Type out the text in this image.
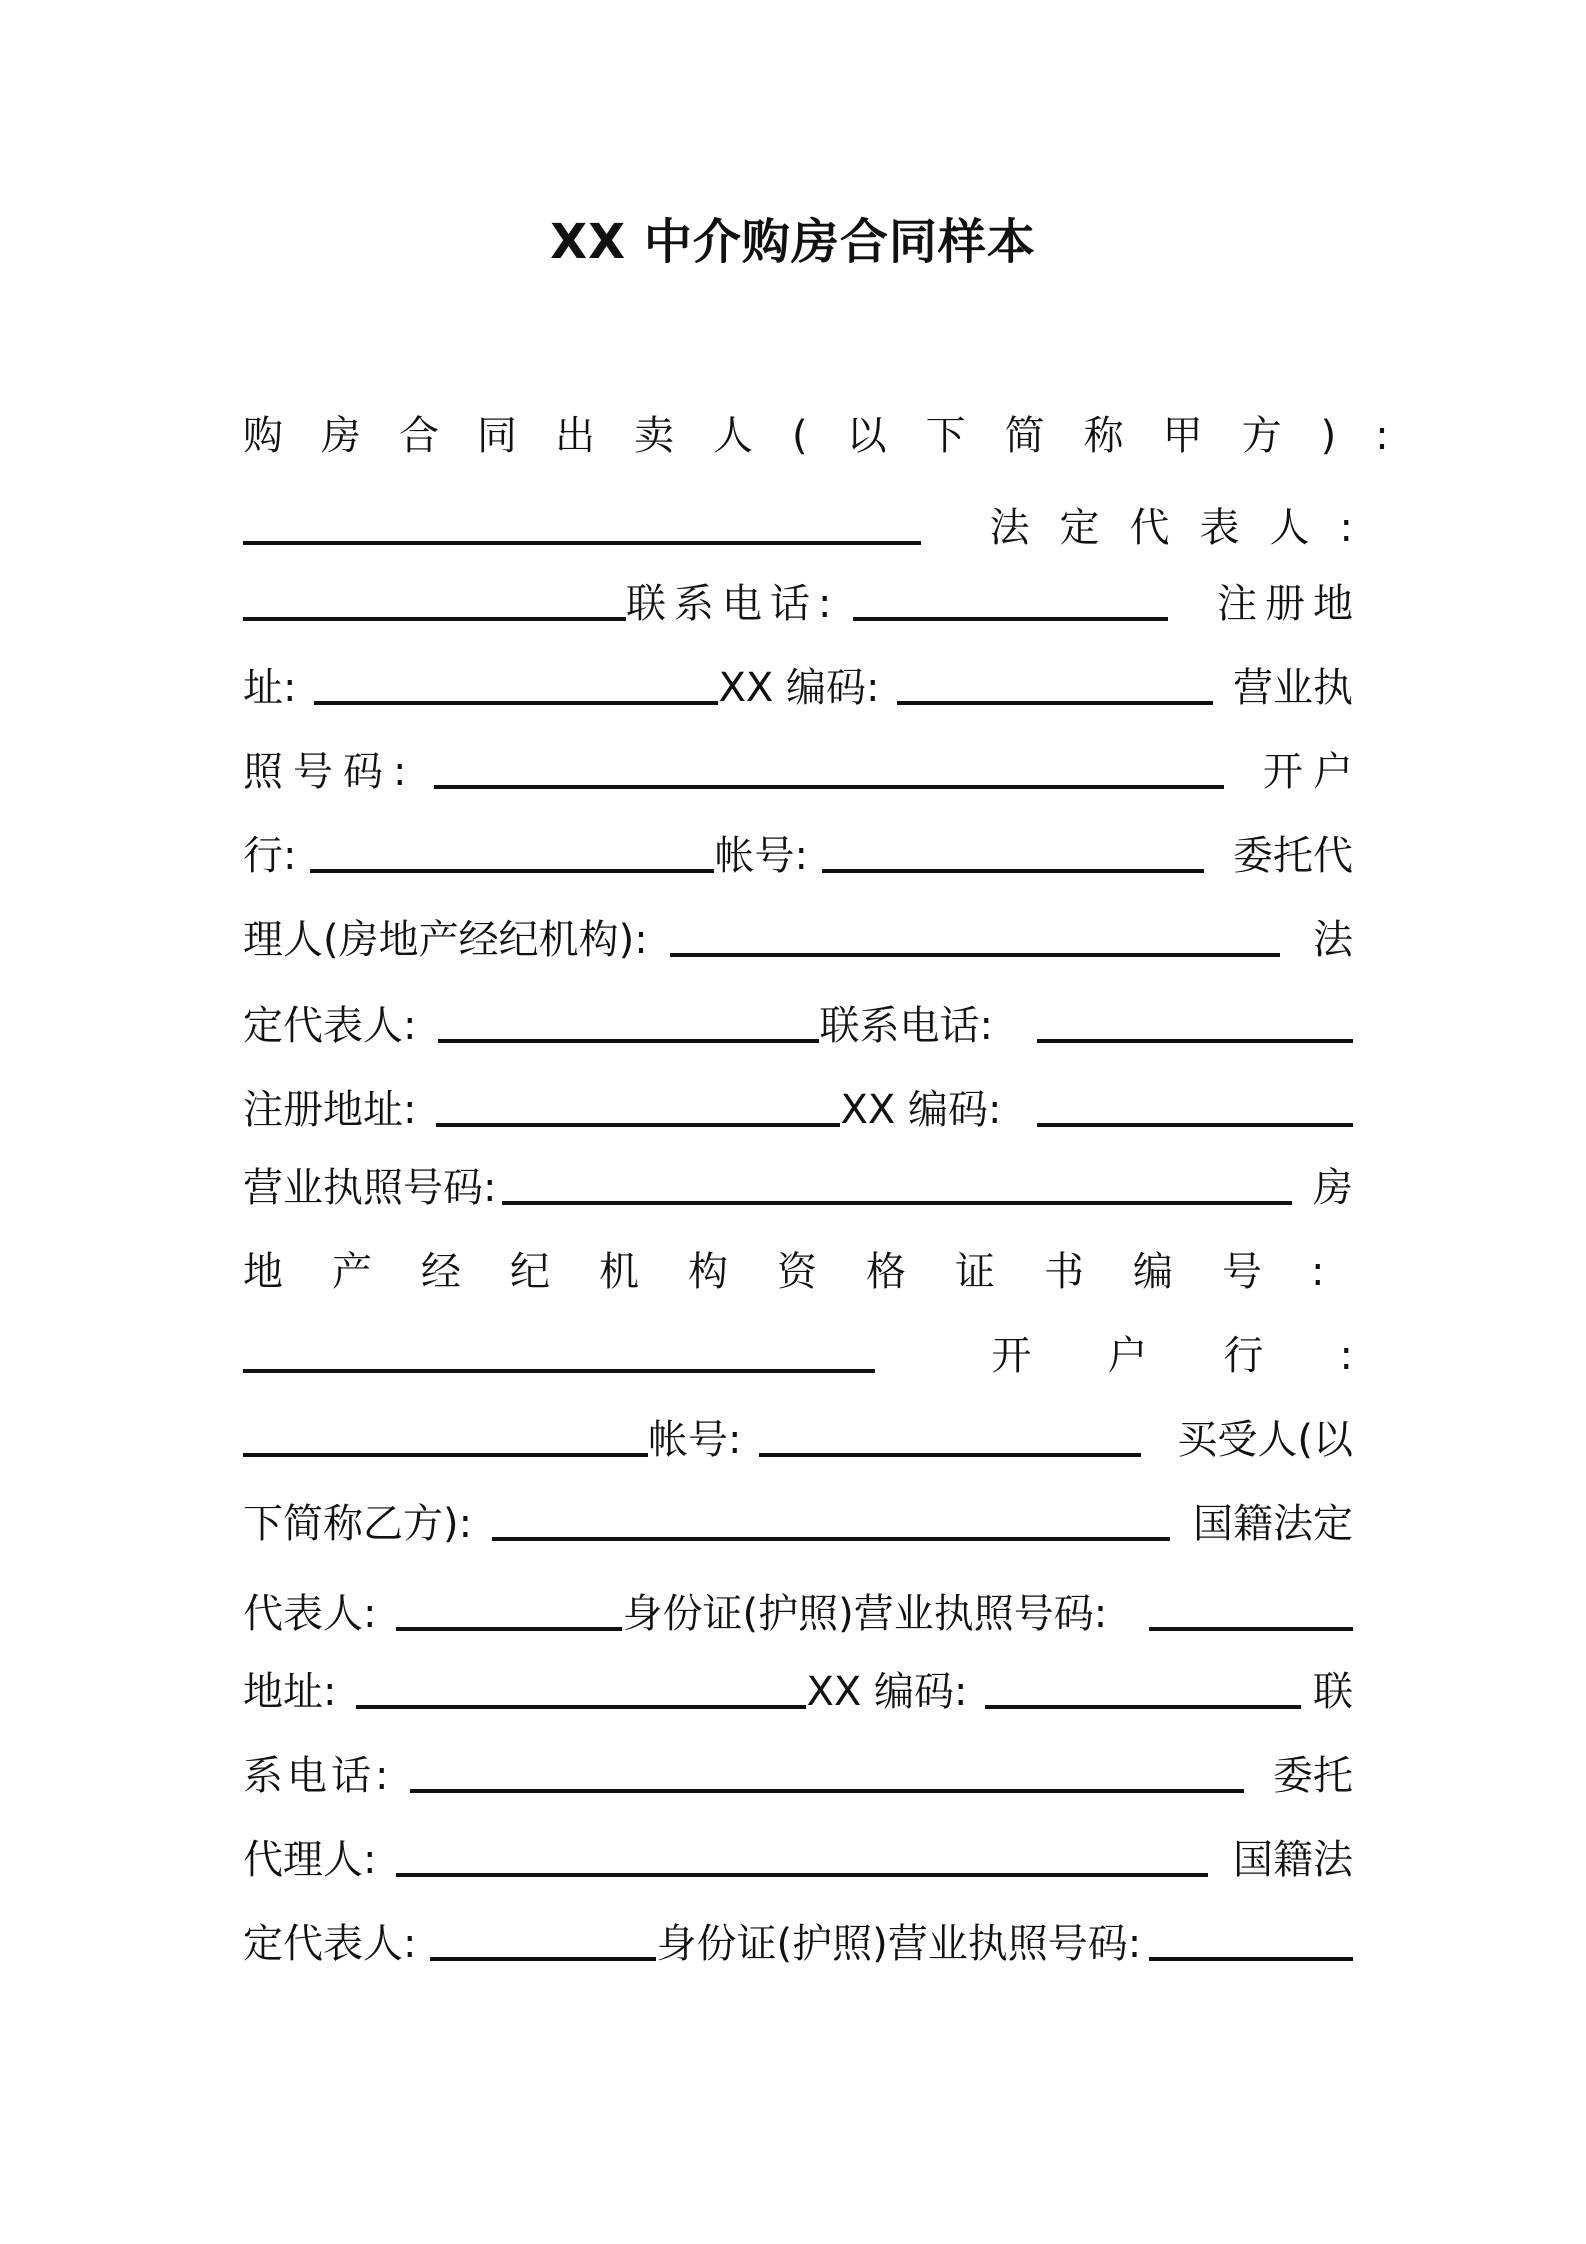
XX 中介购房合同样本
购房合同 出卖人(以下简称甲方):
法定代表人:
联系电话:	注册地
址:	XX 编码:	营业执
照号码:	开户
行:	帐号:	委托代
理人(房地产经纪机构):	法
定代表人:	联系电话:
注册地址:	XX 编码:
营业执照号码:	房
地产经纪机构资格证书编号:
开户行:
帐号:	买受人(以
下简称乙方):	国籍法定
代表人:	身份证(护照)营业执照号码:
地址:	XX 编码:	联
系电话:	委托
代理人:	国籍法
定代表人:	身份证(护照)营业执照号码:
